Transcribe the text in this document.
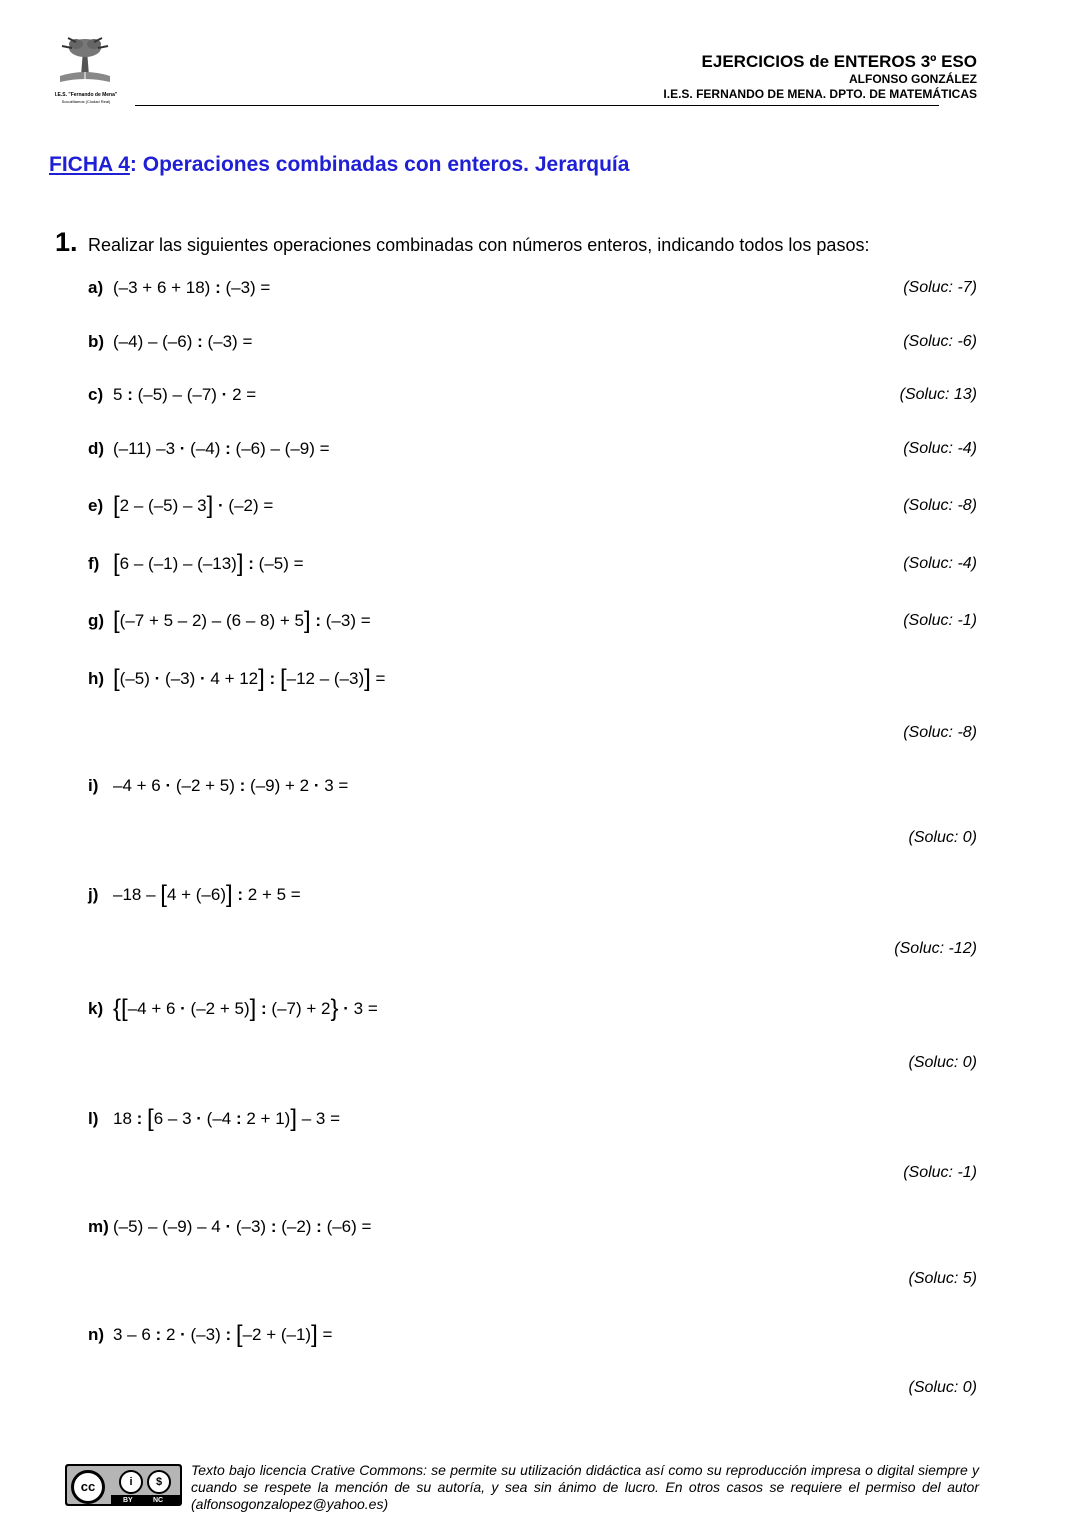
I.E.S. "Fernando de Mena"
Socuéllamos (Ciudad Real)
EJERCICIOS de ENTEROS 3º ESO
ALFONSO GONZÁLEZ
I.E.S. FERNANDO DE MENA. DPTO. DE MATEMÁTICAS
FICHA 4: Operaciones combinadas con enteros. Jerarquía
1. Realizar las siguientes operaciones combinadas con números enteros, indicando todos los pasos:
a) (–3 + 6 + 18) : (–3) =	(Soluc: -7)
b) (–4) – (–6) : (–3) =	(Soluc: -6)
c) 5 : (–5) – (–7) · 2 =	(Soluc: 13)
d) (–11) –3 · (–4) : (–6) – (–9) =	(Soluc: -4)
e) [2 – (–5) – 3] · (–2) =	(Soluc: -8)
f) [6 – (–1) – (–13)] : (–5) =	(Soluc: -4)
g) [(–7 + 5 – 2) – (6 – 8) + 5] : (–3) =	(Soluc: -1)
h) [(–5) · (–3) · 4 + 12] : [–12 – (–3)] =
(Soluc: -8)
i) –4 + 6 · (–2 + 5) : (–9) + 2 · 3 =
(Soluc: 0)
j) –18 – [4 + (–6)] : 2 + 5 =
(Soluc: -12)
k) {[–4 + 6 · (–2 + 5)] : (–7) + 2} · 3 =
(Soluc: 0)
l) 18 : [6 – 3 · (–4 : 2 + 1)] – 3 =
(Soluc: -1)
m) (–5) – (–9) – 4 · (–3) : (–2) : (–6) =
(Soluc: 5)
n) 3 – 6 : 2 · (–3) : [–2 + (–1)] =
(Soluc: 0)
cc	i	$
BY	NC
Texto bajo licencia Crative Commons: se permite su utilización didáctica así como su reproducción impresa o digital siempre y cuando se respete la mención de su autoría, y sea sin ánimo de lucro. En otros casos se requiere el permiso del autor (alfonsogonzalopez@yahoo.es)
